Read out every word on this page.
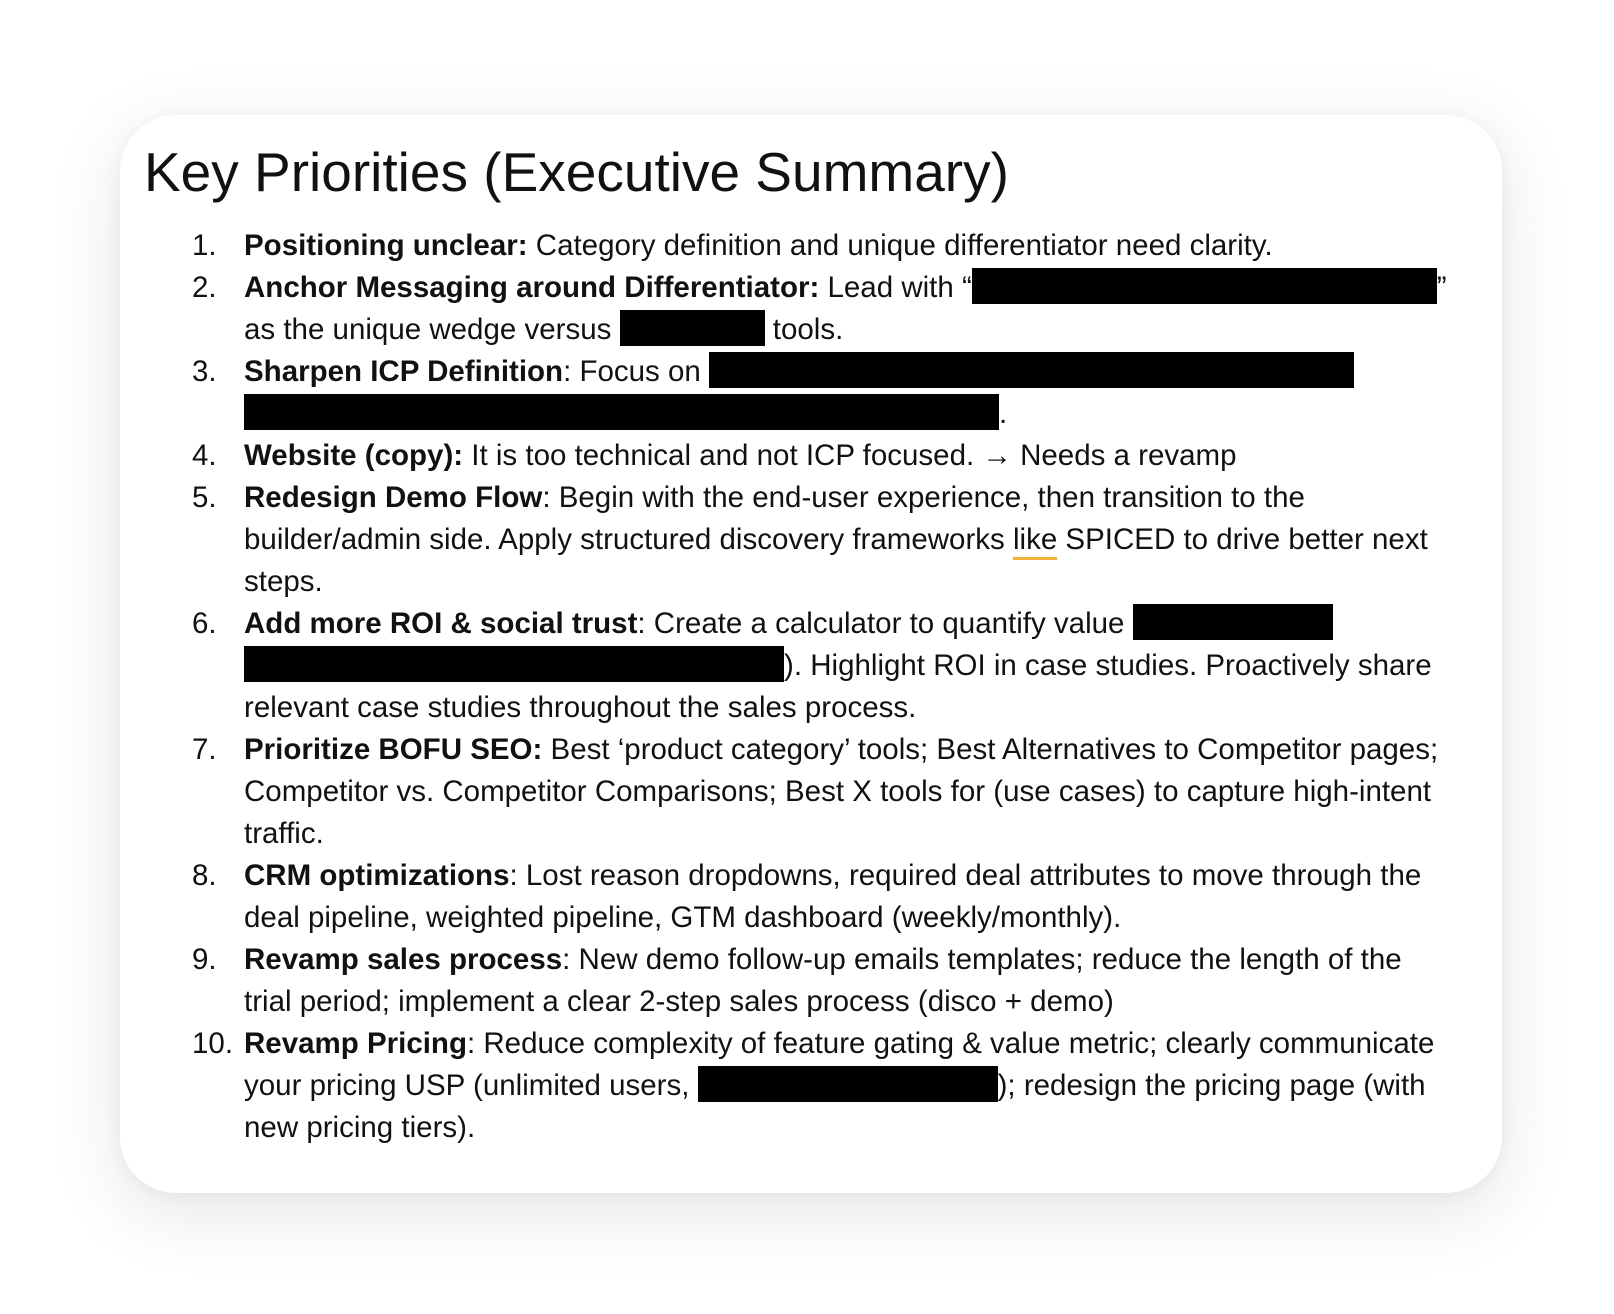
Key Priorities (Executive Summary)
1. Positioning unclear: Category definition and unique differentiator need clarity.
2. Anchor Messaging around Differentiator: Lead with “	” as the unique wedge versus	tools.
3. Sharpen ICP Definition: Focus on .
4. Website (copy): It is too technical and not ICP focused. → Needs a revamp
5. Redesign Demo Flow: Begin with the end-user experience, then transition to the builder/admin side. Apply structured discovery frameworks like SPICED to drive better next steps.
6. Add more ROI & social trust: Create a calculator to quantify value ). Highlight ROI in case studies. Proactively share relevant case studies throughout the sales process.
7. Prioritize BOFU SEO: Best ‘product category’ tools; Best Alternatives to Competitor pages; Competitor vs. Competitor Comparisons; Best X tools for (use cases) to capture high-intent traffic.
8. CRM optimizations: Lost reason dropdowns, required deal attributes to move through the deal pipeline, weighted pipeline, GTM dashboard (weekly/monthly).
9. Revamp sales process: New demo follow-up emails templates; reduce the length of the trial period; implement a clear 2-step sales process (disco + demo)
10. Revamp Pricing: Reduce complexity of feature gating & value metric; clearly communicate your pricing USP (unlimited users,	); redesign the pricing page (with new pricing tiers).
